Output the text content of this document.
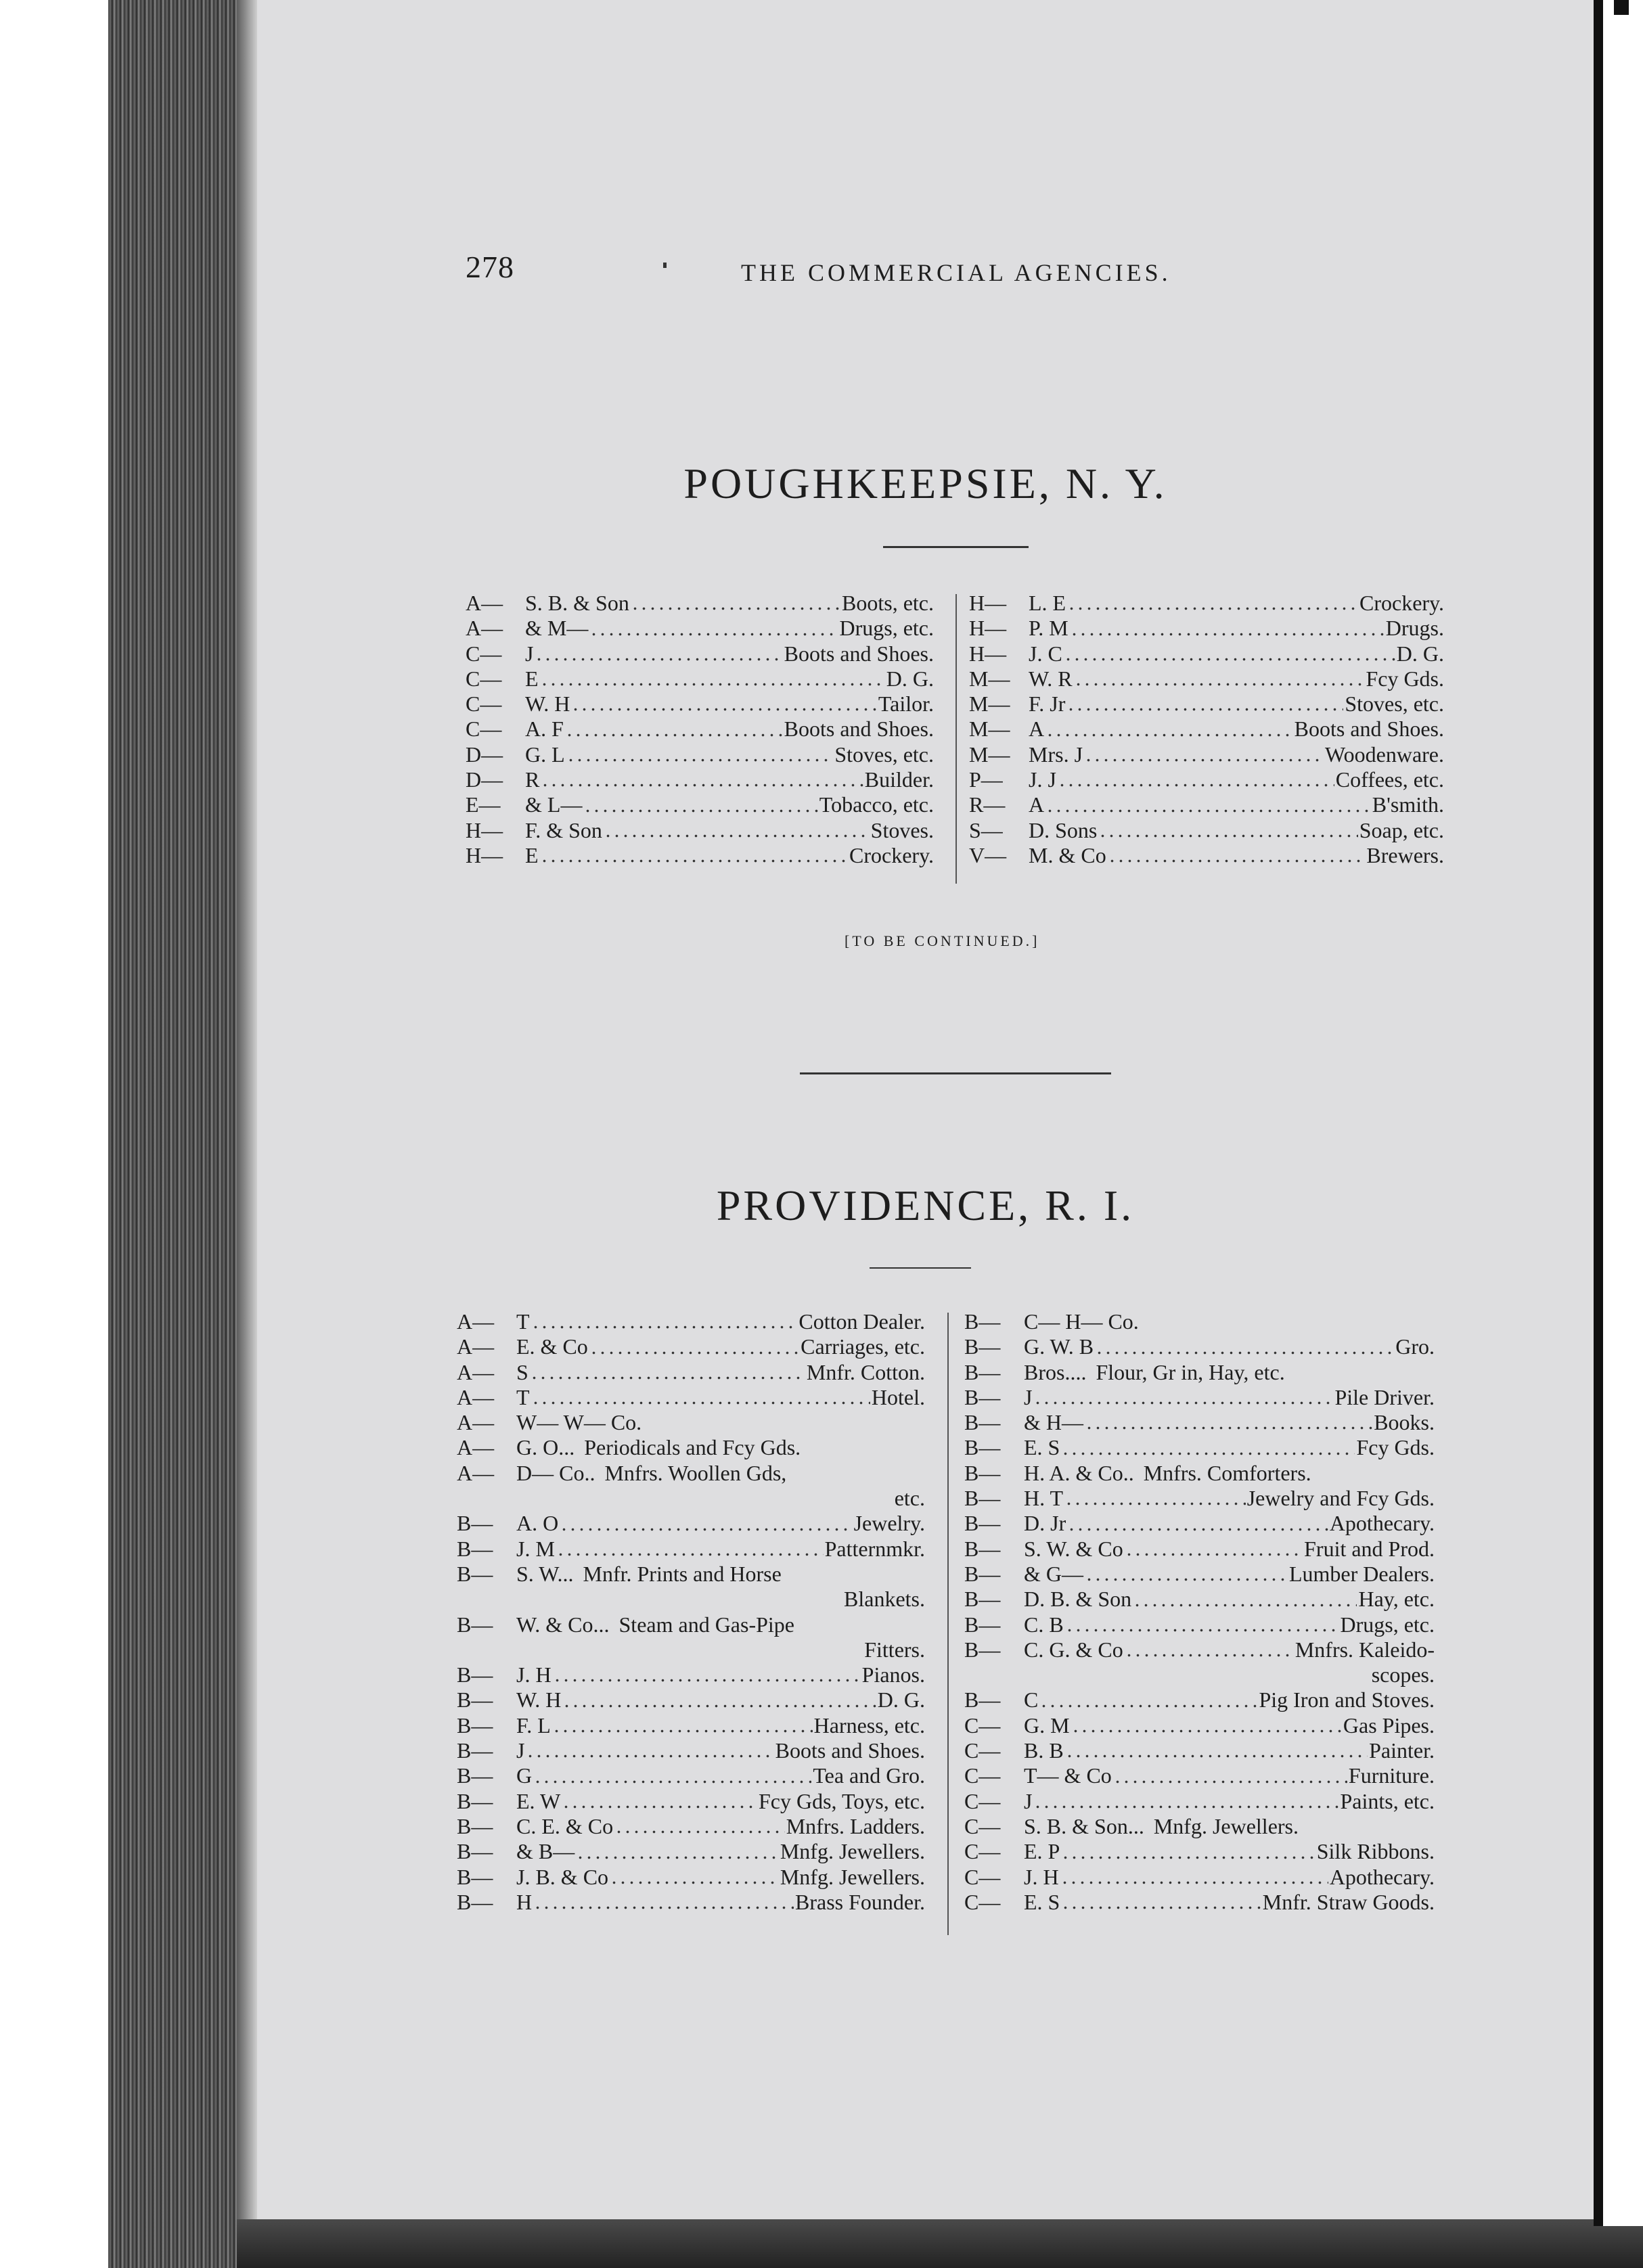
278	THE COMMERCIAL AGENCIES.
POUGHKEEPSIE, N. Y.
A—	S. B. & Son	Boots, etc.
A—	& M—	Drugs, etc.
C—	J	Boots and Shoes.
C—	E	D. G.
C—	W. H	Tailor.
C—	A. F	Boots and Shoes.
D—	G. L	Stoves, etc.
D—	R	Builder.
E—	& L—	Tobacco, etc.
H—	F. & Son	Stoves.
H—	E	Crockery.
H—	L. E	Crockery.
H—	P. M	Drugs.
H—	J. C	D. G.
M— W. R	Fcy Gds.
M— F. Jr	Stoves, etc.
M— A	Boots and Shoes.
M— Mrs. J	Woodenware.
P—	J. J	Coffees, etc.
R—	A	B'smith.
S—	D. Sons	Soap, etc.
V—	M. & Co	Brewers.
[TO BE CONTINUED.]
PROVIDENCE, R. I.
A—	T	Cotton Dealer.
A—	E. & Co	Carriages, etc.
A—	S	Mnfr. Cotton.
A—	T	Hotel.
A—	W— W— Co.
A—	G. O... Periodicals and Fcy Gds.
A—	D— Co.. Mnfrs. Woollen Gds,
etc.
B—	A. O	Jewelry.
B—	J. M	Patternmkr.
B—	S. W... Mnfr. Prints and Horse
Blankets.
B—	W. & Co... Steam and Gas-Pipe
Fitters.
B—	J. H	Pianos.
B—	W. H	D. G.
B—	F. L	Harness, etc.
B—	J	Boots and Shoes.
B—	G	Tea and Gro.
B—	E. W	Fcy Gds, Toys, etc.
B—	C. E. & Co	Mnfrs. Ladders.
B—	& B—	Mnfg. Jewellers.
B—	J. B. & Co	Mnfg. Jewellers.
B—	H	Brass Founder.
B—	C— H— Co.
B—	G. W. B	Gro.
B—	Bros.... Flour, Gr in, Hay, etc.
B—	J	Pile Driver.
B—	& H—	Books.
B—	E. S	Fcy Gds.
B—	H. A. & Co.. Mnfrs. Comforters.
B—	H. T	Jewelry and Fcy Gds.
B—	D. Jr	Apothecary.
B—	S. W. & Co	Fruit and Prod.
B—	& G—	Lumber Dealers.
B—	D. B. & Son	Hay, etc.
B—	C. B	Drugs, etc.
B—	C. G. & Co	Mnfrs. Kaleido-
scopes.
B—	C	Pig Iron and Stoves.
C—	G. M	Gas Pipes.
C—	B. B	Painter.
C—	T— & Co	Furniture.
C—	J	Paints, etc.
C—	S. B. & Son... Mnfg. Jewellers.
C—	E. P	Silk Ribbons.
C—	J. H	Apothecary.
C—	E. S	Mnfr. Straw Goods.
